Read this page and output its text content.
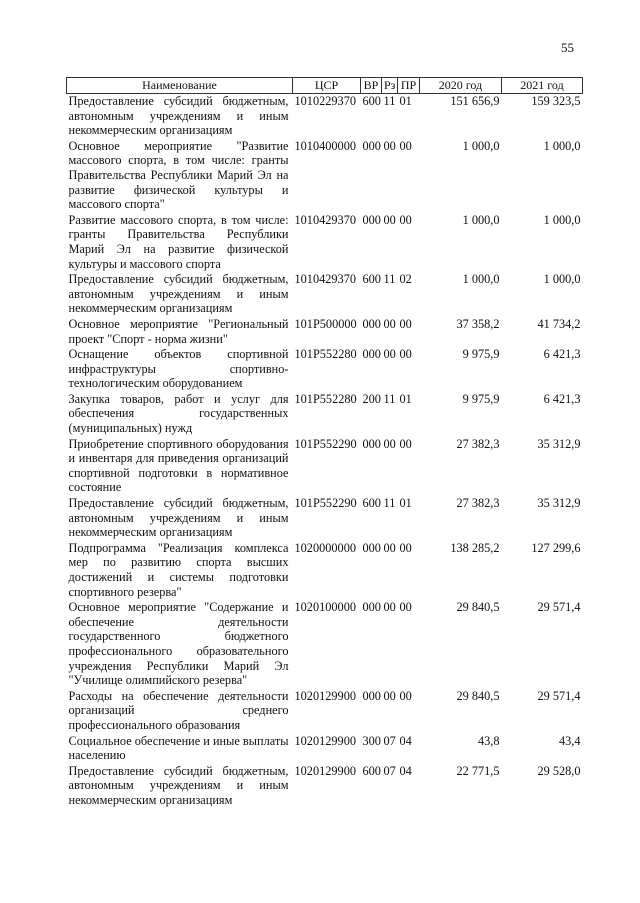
55
Наименование	ЦСР	ВР	Рз	ПР	2020 год	2021 год
Предоставление субсидий бюджетным, автономным учреждениям и иным некоммерческим организациям	1010229370	600	11	01	151 656,9	159 323,5
Основное мероприятие "Развитие массового спорта, в том числе: гранты Правительства Республики Марий Эл на развитие физической культуры и массового спорта"	1010400000	000	00	00	1 000,0	1 000,0
Развитие массового спорта, в том числе: гранты Правительства Республики Марий Эл на развитие физической культуры и массового спорта	1010429370	000	00	00	1 000,0	1 000,0
Предоставление субсидий бюджетным, автономным учреждениям и иным некоммерческим организациям	1010429370	600	11	02	1 000,0	1 000,0
Основное мероприятие "Региональный проект "Спорт - норма жизни"	101P500000	000	00	00	37 358,2	41 734,2
Оснащение объектов спортивной инфраструктуры спортивно-технологическим оборудованием	101P552280	000	00	00	9 975,9	6 421,3
Закупка товаров, работ и услуг для обеспечения государственных (муниципальных) нужд	101P552280	200	11	01	9 975,9	6 421,3
Приобретение спортивного оборудования и инвентаря для приведения организаций спортивной подготовки в нормативное состояние	101P552290	000	00	00	27 382,3	35 312,9
Предоставление субсидий бюджетным, автономным учреждениям и иным некоммерческим организациям	101P552290	600	11	01	27 382,3	35 312,9
Подпрограмма "Реализация комплекса мер по развитию спорта высших достижений и системы подготовки спортивного резерва"	1020000000	000	00	00	138 285,2	127 299,6
Основное мероприятие "Содержание и обеспечение деятельности государственного бюджетного профессионального образовательного учреждения Республики Марий Эл "Училище олимпийского резерва"	1020100000	000	00	00	29 840,5	29 571,4
Расходы на обеспечение деятельности организаций среднего профессионального образования	1020129900	000	00	00	29 840,5	29 571,4
Социальное обеспечение и иные выплаты населению	1020129900	300	07	04	43,8	43,4
Предоставление субсидий бюджетным, автономным учреждениям и иным некоммерческим организациям	1020129900	600	07	04	22 771,5	29 528,0
